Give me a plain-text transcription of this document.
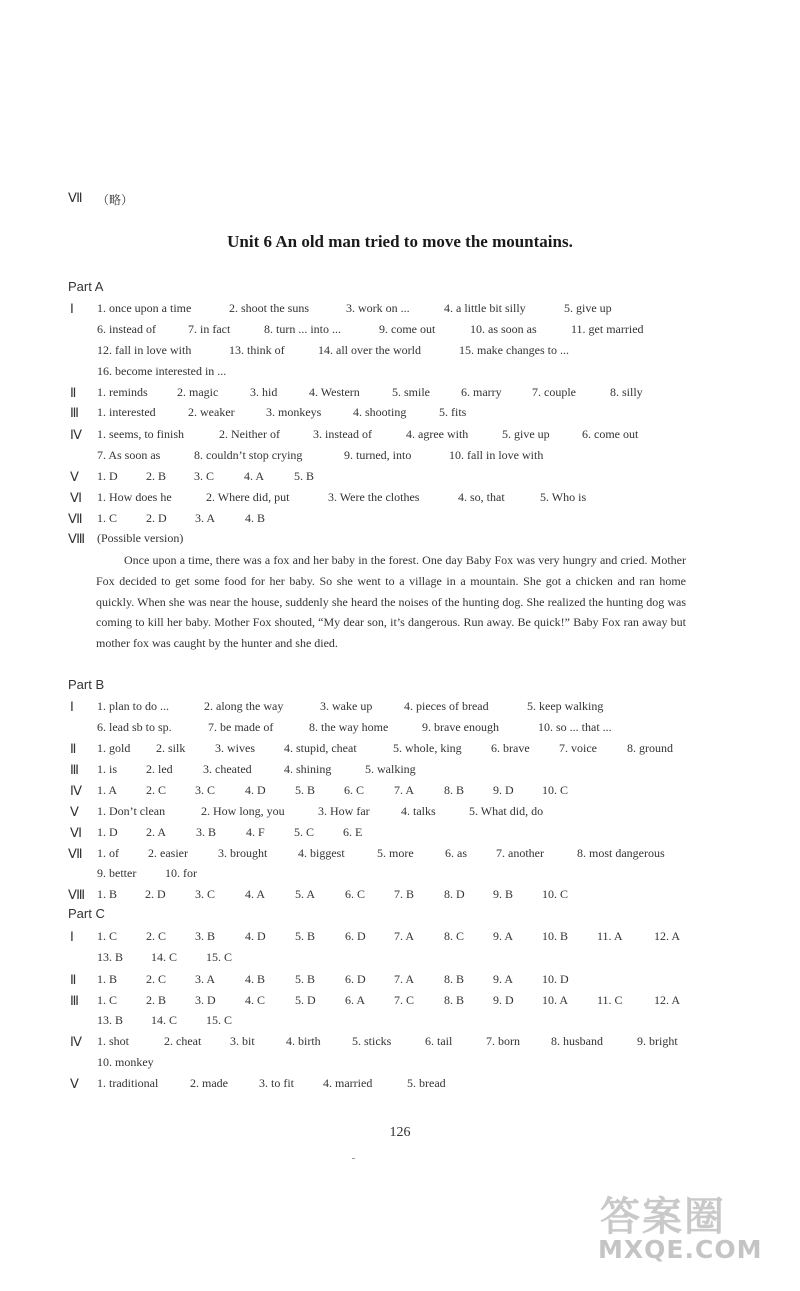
Ⅶ （略）
Unit 6 An old man tried to move the mountains.
Part A
Ⅰ 1. once upon a time	2. shoot the suns	3. work on ...	4. a little bit silly	5. give up
6. instead of	7. in fact	8. turn ... into ...	9. come out	10. as soon as	11. get married
12. fall in love with	13. think of	14. all over the world	15. make changes to ...
16. become interested in ...
Ⅱ 1. reminds 2. magic	3. hid	4. Western	5. smile	6. marry	7. couple	8. silly
Ⅲ 1. interested	2. weaker	3. monkeys	4. shooting	5. fits
Ⅳ 1. seems, to finish	2. Neither of	3. instead of	4. agree with	5. give up	6. come out
7. As soon as	8. couldn’t stop crying	9. turned, into	10. fall in love with
Ⅴ 1. D 2. B 3. C 4. A 5. B
Ⅵ 1. How does he	2. Where did, put	3. Were the clothes	4. so, that	5. Who is
Ⅶ 1. C 2. D 3. A 4. B
Ⅷ (Possible version)

Once upon a time, there was a fox and her baby in the forest. One day Baby Fox was very hungry and cried. Mother Fox decided to get some food for her baby. So she went to a village in a mountain. She got a chicken and ran home quickly. When she was near the house, suddenly she heard the noises of the hunting dog. She realized the hunting dog was coming to kill her baby. Mother Fox shouted, “My dear son, it’s dangerous. Run away. Be quick!” Baby Fox ran away but mother fox was caught by the hunter and she died.

Part B
Ⅰ 1. plan to do ...	2. along the way	3. wake up	4. pieces of bread	5. keep walking
6. lead sb to sp.	7. be made of	8. the way home	9. brave enough	10. so ... that ...
Ⅱ 1. gold 2. silk 3. wives 4. stupid, cheat	5. whole, king 6. brave 7. voice	8. ground
Ⅲ 1. is 2. led	3. cheated	4. shining	5. walking
Ⅳ 1. A 2. C 3. C 4. D 5. B 6. C 7. A 8. B 9. D 10. C
Ⅴ 1. Don’t clean	2. How long, you	3. How far	4. talks	5. What did, do
Ⅵ 1. D 2. A 3. B 4. F 5. C 6. E
Ⅶ 1. of 2. easier	3. brought	4. biggest	5. more	6. as 7. another	8. most dangerous
9. better 10. for
Ⅷ 1. B 2. D 3. C 4. A 5. A 6. C 7. B 8. D 9. B 10. C
Part C
Ⅰ 1. C 2. C 3. B 4. D 5. B 6. D 7. A 8. C 9. A 10. B 11. A	12. A
13. B 14. C 15. C
Ⅱ 1. B 2. C 3. A 4. B 5. B 6. D 7. A 8. B 9. A 10. D
Ⅲ 1. C 2. B 3. D 4. C 5. D 6. A 7. C 8. B 9. D 10. A 11. C	12. A
13. B 14. C 15. C
Ⅳ 1. shot	2. cheat 3. bit	4. birth	5. sticks	6. tail	7. born	8. husband	9. bright
10. monkey
Ⅴ 1. traditional	2. made	3. to fit 4. married	5. bread
126
答案圈
MXQE.COM
